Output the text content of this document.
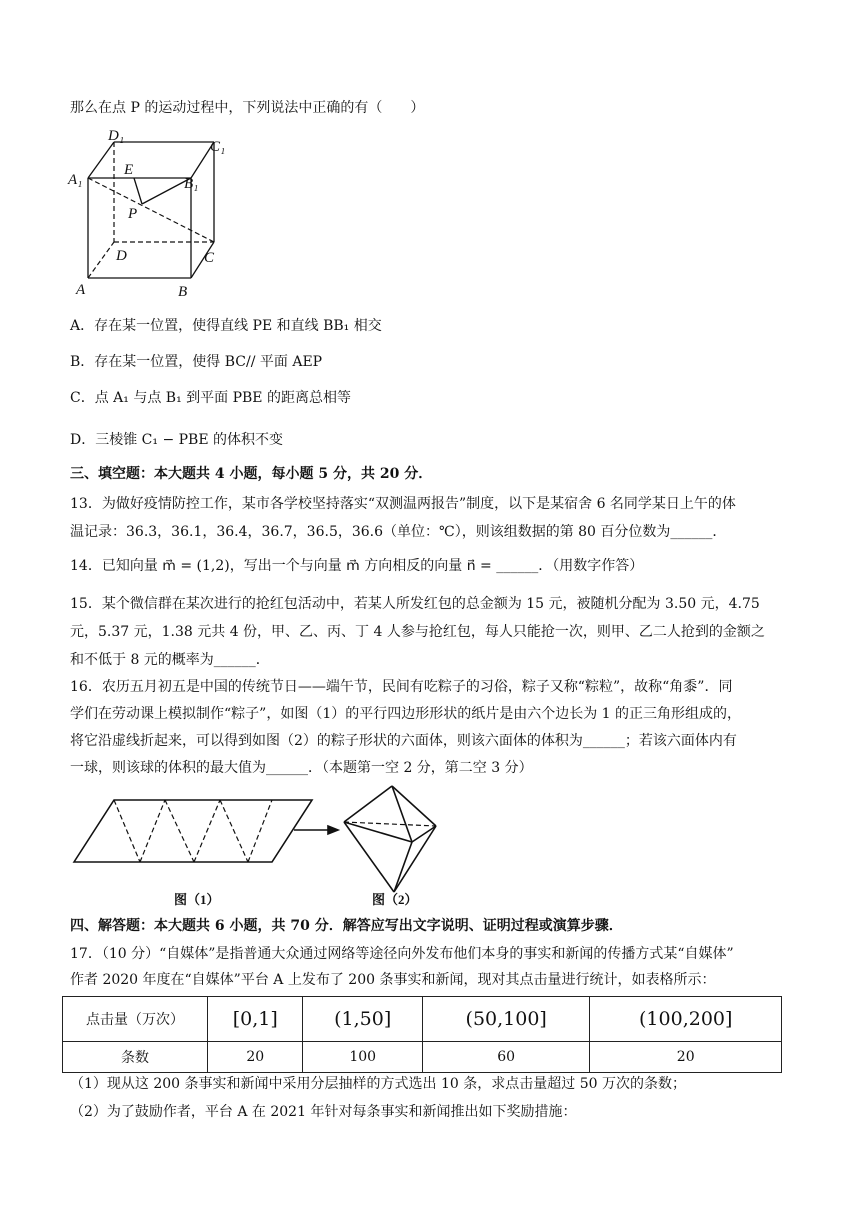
那么在点 P 的运动过程中，下列说法中正确的有（　　）
D₁
C₁
A₁	B₁
E
P
D	C
A	B
A．存在某一位置，使得直线 PE 和直线 BB₁ 相交
B．存在某一位置，使得 BC// 平面 AEP
C．点 A₁ 与点 B₁ 到平面 PBE 的距离总相等
D．三棱锥 C₁ − PBE 的体积不变
三、填空题：本大题共 4 小题，每小题 5 分，共 20 分．
13．为做好疫情防控工作，某市各学校坚持落实“双测温两报告”制度，以下是某宿舍 6 名同学某日上午的体
温记录：36.3，36.1，36.4，36.7，36.5，36.6（单位：℃），则该组数据的第 80 百分位数为______．
14．已知向量 m⃗ = (1,2)，写出一个与向量 m⃗ 方向相反的向量 n⃗ = ______．（用数字作答）
15．某个微信群在某次进行的抢红包活动中，若某人所发红包的总金额为 15 元，被随机分配为 3.50 元，4.75
元，5.37 元，1.38 元共 4 份，甲、乙、丙、丁 4 人参与抢红包，每人只能抢一次，则甲、乙二人抢到的金额之
和不低于 8 元的概率为______．
16．农历五月初五是中国的传统节日——端午节，民间有吃粽子的习俗，粽子又称“粽粒”，故称“角黍”．同
学们在劳动课上模拟制作“粽子”，如图（1）的平行四边形形状的纸片是由六个边长为 1 的正三角形组成的，
将它沿虚线折起来，可以得到如图（2）的粽子形状的六面体，则该六面体的体积为______；若该六面体内有
一球，则该球的体积的最大值为______．（本题第一空 2 分，第二空 3 分）
图（1）	图（2）
四、解答题：本大题共 6 小题，共 70 分．解答应写出文字说明、证明过程或演算步骤．
17．（10 分）“自媒体”是指普通大众通过网络等途径向外发布他们本身的事实和新闻的传播方式某“自媒体”
作者 2020 年度在“自媒体”平台 A 上发布了 200 条事实和新闻，现对其点击量进行统计，如表格所示：
点击量（万次）	[0,1]	(1,50]	(50,100]	(100,200]
条数	20	100	60	20
（1）现从这 200 条事实和新闻中采用分层抽样的方式选出 10 条，求点击量超过 50 万次的条数；
（2）为了鼓励作者，平台 A 在 2021 年针对每条事实和新闻推出如下奖励措施：
